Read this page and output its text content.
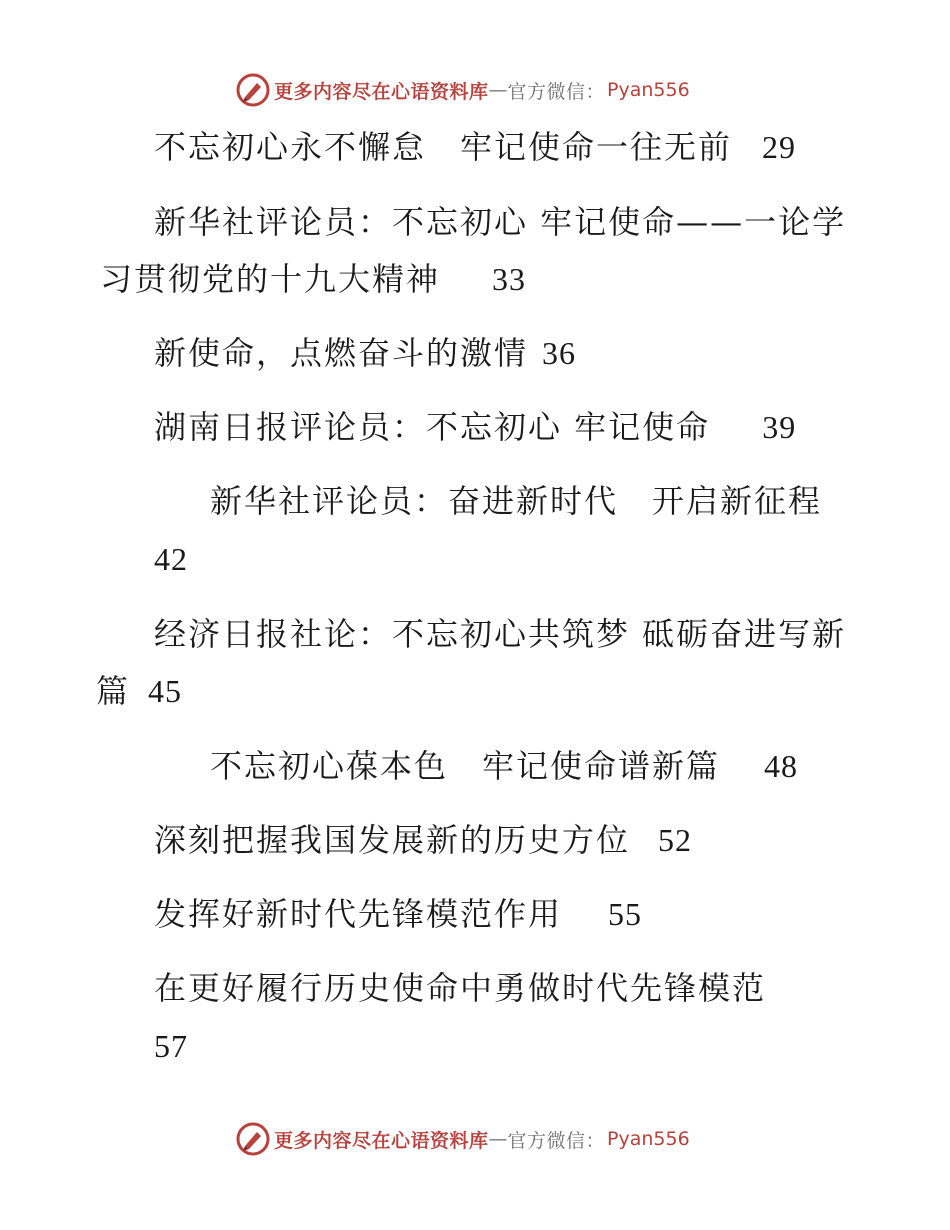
更多内容尽在心语资料库 — 官方微信： Pyan556
不忘初心永不懈怠　牢记使命一往无前 29
新华社评论员：不忘初心 牢记使命——一论学
习贯彻党的十九大精神 33
新使命，点燃奋斗的激情 36
湖南日报评论员：不忘初心 牢记使命 39
新华社评论员：奋进新时代　开启新征程
42
经济日报社论：不忘初心共筑梦 砥砺奋进写新
篇 45
不忘初心葆本色　牢记使命谱新篇 48
深刻把握我国发展新的历史方位 52
发挥好新时代先锋模范作用 55
在更好履行历史使命中勇做时代先锋模范
57
更多内容尽在心语资料库 — 官方微信： Pyan556
